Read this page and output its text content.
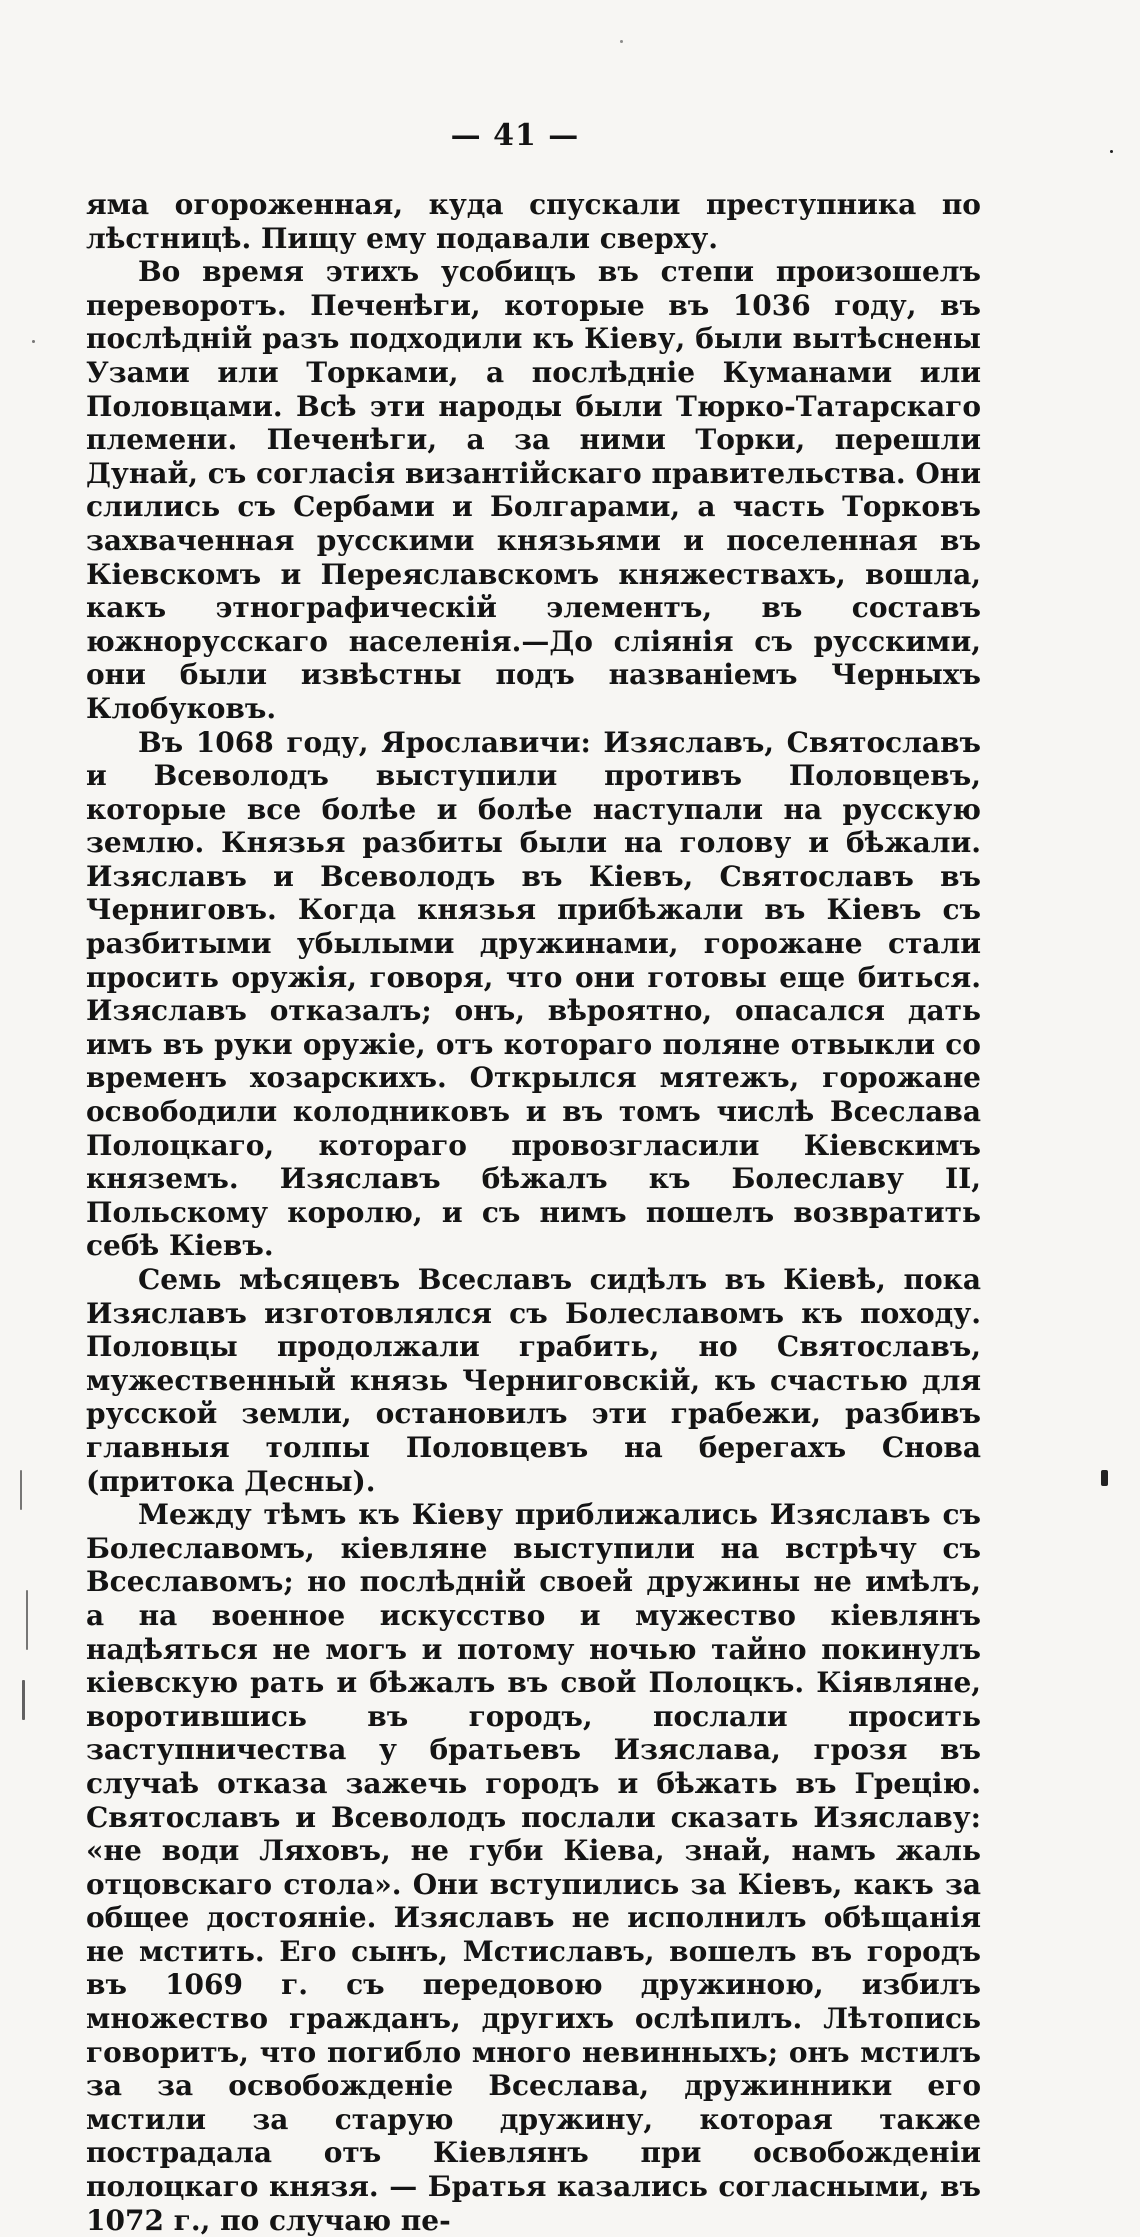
— 41 —

яма огороженная, куда спускали преступника по лѣстницѣ. Пищу ему подавали сверху.

Во время этихъ усобицъ въ степи произошелъ переворотъ. Печенѣги, которые въ 1036 году, въ послѣдній разъ подходили къ Кіеву, были вытѣснены Узами или Торками, а послѣдніе Куманами или Половцами. Всѣ эти народы были Тюрко-Татарскаго племени. Печенѣги, а за ними Торки, перешли Дунай, съ согласія византійскаго правительства. Они слились съ Сербами и Болгарами, а часть Торковъ захваченная русскими князьями и поселенная въ Кіевскомъ и Переяславскомъ княжествахъ, вошла, какъ этнографическій элементъ, въ составъ южнорусскаго населенія.—До сліянія съ русскими, они были извѣстны подъ названіемъ Черныхъ Клобуковъ.

Въ 1068 году, Ярославичи: Изяславъ, Святославъ и Всеволодъ выступили противъ Половцевъ, которые все болѣе и болѣе наступали на русскую землю. Князья разбиты были на голову и бѣжали. Изяславъ и Всеволодъ въ Кіевъ, Святославъ въ Черниговъ. Когда князья прибѣжали въ Кіевъ съ разбитыми убылыми дружинами, горожане стали просить оружія, говоря, что они готовы еще биться. Изяславъ отказалъ; онъ, вѣроятно, опасался дать имъ въ руки оружіе, отъ котораго поляне отвыкли со временъ хозарскихъ. Открылся мятежъ, горожане освободили колодниковъ и въ томъ числѣ Всеслава Полоцкаго, котораго провозгласили Кіевскимъ княземъ. Изяславъ бѣжалъ къ Болеславу II, Польскому королю, и съ нимъ пошелъ возвратить себѣ Кіевъ.

Семь мѣсяцевъ Всеславъ сидѣлъ въ Кіевѣ, пока Изяславъ изготовлялся съ Болеславомъ къ походу. Половцы продолжали грабить, но Святославъ, мужественный князь Черниговскій, къ счастью для русской земли, остановилъ эти грабежи, разбивъ главныя толпы Половцевъ на берегахъ Снова (притока Десны).

Между тѣмъ къ Кіеву приближались Изяславъ съ Болеславомъ, кіевляне выступили на встрѣчу съ Всеславомъ; но послѣдній своей дружины не имѣлъ, а на военное искусство и мужество кіевлянъ надѣяться не могъ и потому ночью тайно покинулъ кіевскую рать и бѣжалъ въ свой Полоцкъ. Кіявляне, воротившись въ городъ, послали просить заступничества у братьевъ Изяслава, грозя въ случаѣ отказа зажечь городъ и бѣжать въ Грецію. Святославъ и Всеволодъ послали сказать Изяславу: «не води Ляховъ, не губи Кіева, знай, намъ жаль отцовскаго стола». Они вступились за Кіевъ, какъ за общее достояніе. Изяславъ не исполнилъ обѣщанія не мстить. Его сынъ, Мстиславъ, вошелъ въ городъ въ 1069 г. съ передовою дружиною, избилъ множество гражданъ, другихъ ослѣпилъ. Лѣтопись говоритъ, что погибло много невинныхъ; онъ мстилъ за за освобожденіе Всеслава, дружинники его мстили за старую дружину, которая также пострадала отъ Кіевлянъ при освобожденіи полоцкаго князя. — Братья казались согласными, въ 1072 г., по случаю пе-
